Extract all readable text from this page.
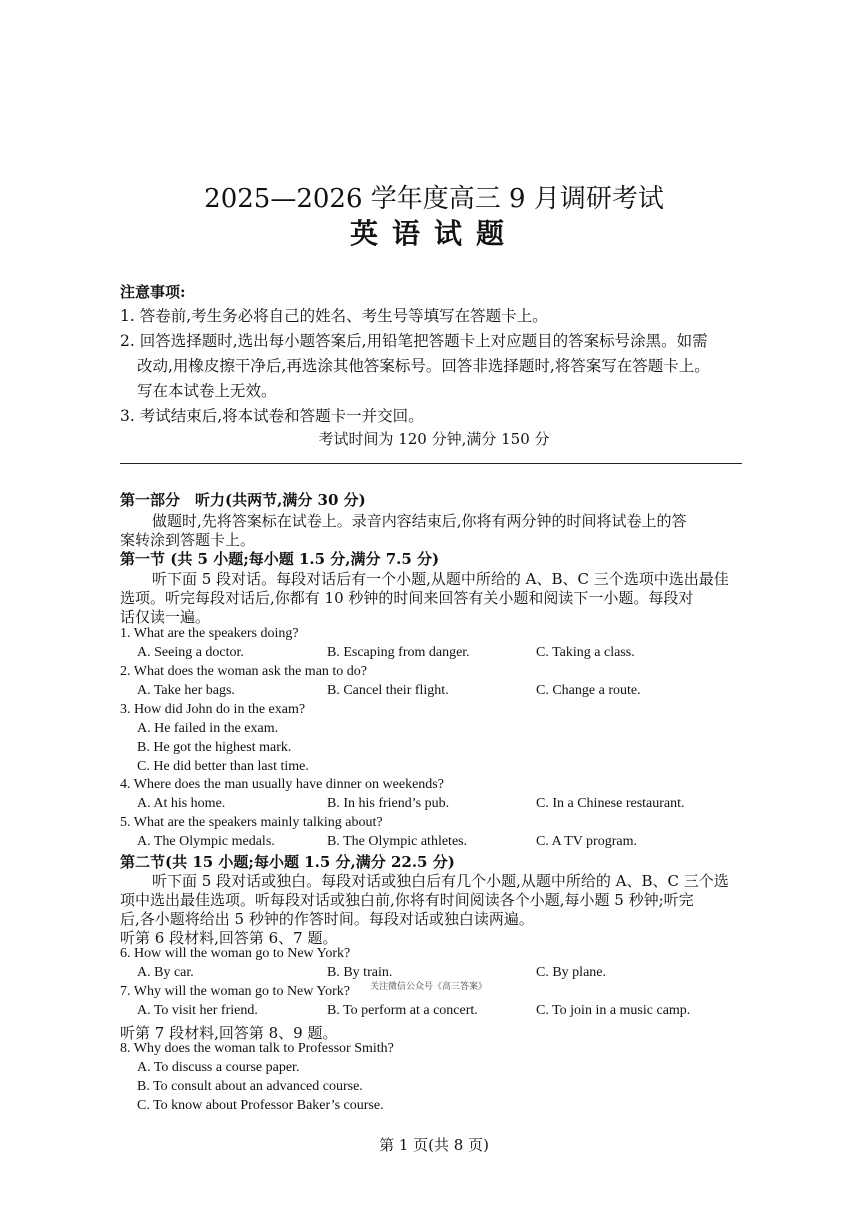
2025—2026 学年度高三 9 月调研考试
英语试题
注意事项:
1. 答卷前,考生务必将自己的姓名、考生号等填写在答题卡上。
2. 回答选择题时,选出每小题答案后,用铅笔把答题卡上对应题目的答案标号涂黑。如需
改动,用橡皮擦干净后,再选涂其他答案标号。回答非选择题时,将答案写在答题卡上。
写在本试卷上无效。
3. 考试结束后,将本试卷和答题卡一并交回。
考试时间为 120 分钟,满分 150 分
第一部分　听力(共两节,满分 30 分)
做题时,先将答案标在试卷上。录音内容结束后,你将有两分钟的时间将试卷上的答
案转涂到答题卡上。
第一节 (共 5 小题;每小题 1.5 分,满分 7.5 分)
听下面 5 段对话。每段对话后有一个小题,从题中所给的 A、B、C 三个选项中选出最佳
选项。听完每段对话后,你都有 10 秒钟的时间来回答有关小题和阅读下一小题。每段对
话仅读一遍。
1. What are the speakers doing?
A. Seeing a doctor.	B. Escaping from danger.	C. Taking a class.
2. What does the woman ask the man to do?
A. Take her bags.	B. Cancel their flight.	C. Change a route.
3. How did John do in the exam?
A. He failed in the exam.
B. He got the highest mark.
C. He did better than last time.
4. Where does the man usually have dinner on weekends?
A. At his home.	B. In his friend’s pub.	C. In a Chinese restaurant.
5. What are the speakers mainly talking about?
A. The Olympic medals.	B. The Olympic athletes.	C. A TV program.
第二节(共 15 小题;每小题 1.5 分,满分 22.5 分)
听下面 5 段对话或独白。每段对话或独白后有几个小题,从题中所给的 A、B、C 三个选
项中选出最佳选项。听每段对话或独白前,你将有时间阅读各个小题,每小题 5 秒钟;听完
后,各小题将给出 5 秒钟的作答时间。每段对话或独白读两遍。
听第 6 段材料,回答第 6、7 题。
6. How will the woman go to New York?
A. By car.	B. By train.	C. By plane.
关注微信公众号《高三答案》
7. Why will the woman go to New York?
A. To visit her friend.	B. To perform at a concert.	C. To join in a music camp.
听第 7 段材料,回答第 8、9 题。
8. Why does the woman talk to Professor Smith?
A. To discuss a course paper.
B. To consult about an advanced course.
C. To know about Professor Baker’s course.
第 1 页(共 8 页)
